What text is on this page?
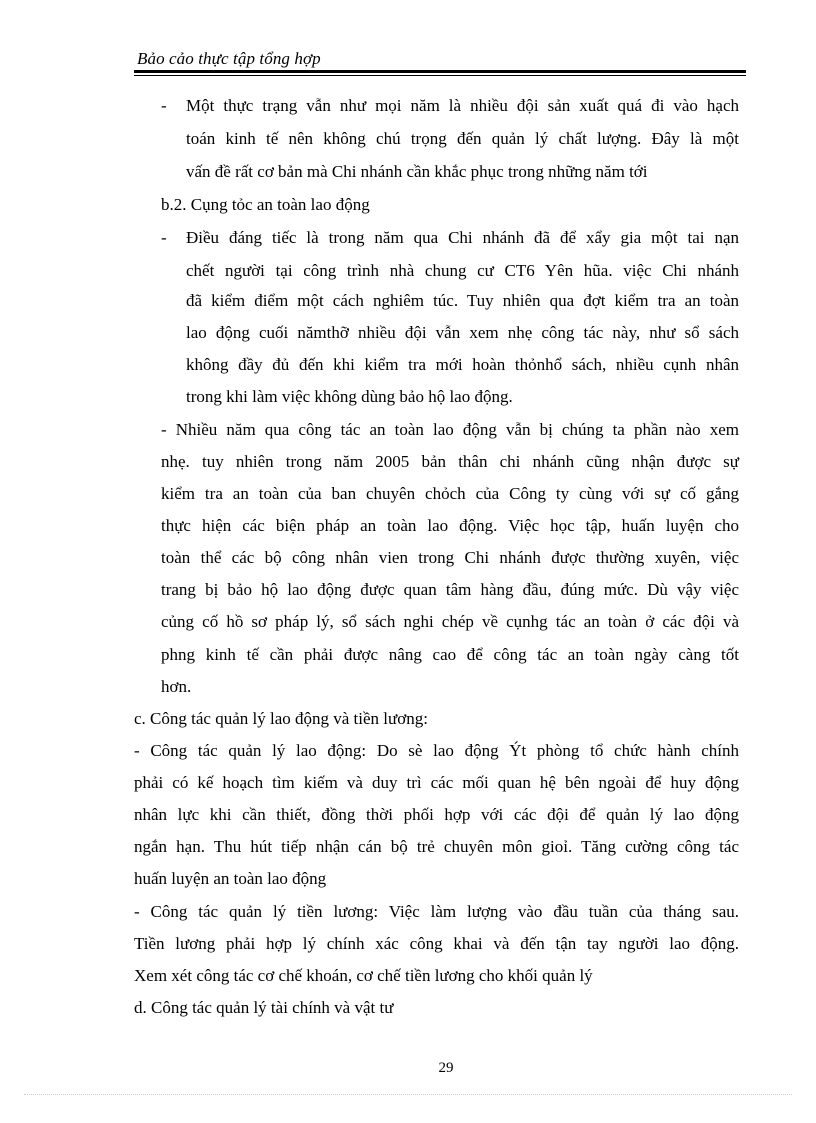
Bảo cảo thực tập tổng hợp
- Một thực trạng vẫn như mọi năm là nhiều đội sản xuất quá đi vào hạch
toán kinh tế nên không chú trọng đến quản lý chất lượng. Đây là một
vấn đề rất cơ bản mà Chi nhánh cần khắc phục trong những năm tới
b.2. Cụng tỏc an toàn lao động
- Điều đáng tiếc là trong năm qua Chi nhánh đã để xẩy gia một tai nạn
chết người tại công trình nhà chung cư CT6 Yên hũa. việc Chi nhánh
đã kiểm điểm một cách nghiêm túc. Tuy nhiên qua đợt kiểm tra an toàn
lao động cuối nămthỡ nhiều đội vẫn xem nhẹ công tác này, như sổ sách
không đầy đủ đến khi kiểm tra mới hoàn thỏnhổ sách, nhiều cụnh nhân
trong khi làm việc không dùng bảo hộ lao động.
- Nhiều năm qua công tác an toàn lao động vẫn bị chúng ta phần nào xem
nhẹ. tuy nhiên trong năm 2005 bản thân chi nhánh cũng nhận được sự
kiểm tra an toàn của ban chuyên chỏch của Công ty cùng với sự cố gắng
thực hiện các biện pháp an toàn lao động. Việc học tập, huấn luyện cho
toàn thể các bộ công nhân vien trong Chi nhánh được thường xuyên, việc
trang bị bảo hộ lao động được quan tâm hàng đầu, đúng mức. Dù vậy việc
củng cố hồ sơ pháp lý, sổ sách nghi chép về cụnhg tác an toàn ở các đội và
phng kinh tế cần phải được nâng cao để công tác an toàn ngày càng tốt
hơn.
c. Công tác quản lý lao động và tiền lương:
- Công tác quản lý lao động: Do sè lao động Ýt phòng tổ chức hành chính
phải có kế hoạch tìm kiếm và duy trì các mối quan hệ bên ngoài để huy động
nhân lực khi cần thiết, đồng thời phối hợp với các đội để quản lý lao động
ngắn hạn. Thu hút tiếp nhận cán bộ trẻ chuyên môn gioỉ. Tăng cường công tác
huấn luyện an toàn lao động
- Công tác quản lý tiền lương: Việc làm lượng vào đầu tuần của tháng sau.
Tiền lương phải hợp lý chính xác công khai và đến tận tay người lao động.
Xem xét công tác cơ chế khoán, cơ chế tiền lương cho khối quản lý
d. Công tác quản lý tài chính và vật tư
29
